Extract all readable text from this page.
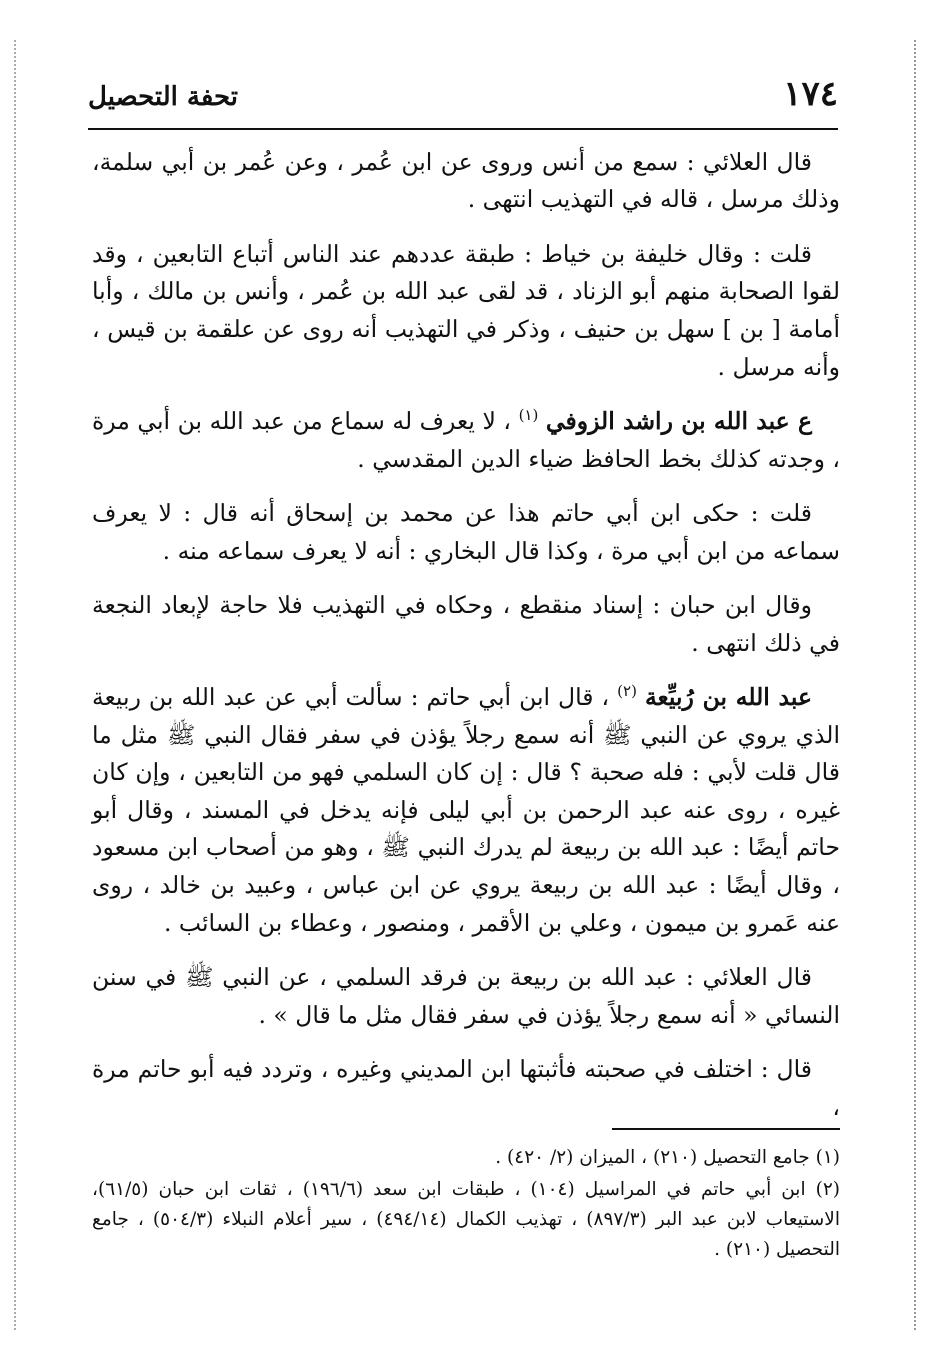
١٧٤
تحفة التحصيل

قال العلائي : سمع من أنس وروى عن ابن عُمر ، وعن عُمر بن أبي سلمة، وذلك مرسل ، قاله في التهذيب انتهى .

قلت : وقال خليفة بن خياط : طبقة عددهم عند الناس أتباع التابعين ، وقد لقوا الصحابة منهم أبو الزناد ، قد لقى عبد الله بن عُمر ، وأنس بن مالك ، وأبا أمامة [ بن ] سهل بن حنيف ، وذكر في التهذيب أنه روى عن علقمة بن قيس ، وأنه مرسل .

ع عبد الله بن راشد الزوفي $^{(١)}$ ، لا يعرف له سماع من عبد الله بن أبي مرة ، وجدته كذلك بخط الحافظ ضياء الدين المقدسي .

قلت : حكى ابن أبي حاتم هذا عن محمد بن إسحاق أنه قال : لا يعرف سماعه من ابن أبي مرة ، وكذا قال البخاري : أنه لا يعرف سماعه منه .

وقال ابن حبان : إسناد منقطع ، وحكاه في التهذيب فلا حاجة لإبعاد النجعة في ذلك انتهى .

عبد الله بن رُبيِّعة $^{(٢)}$ ، قال ابن أبي حاتم : سألت أبي عن عبد الله بن ربيعة الذي يروي عن النبي ﷺ أنه سمع رجلاً يؤذن في سفر فقال النبي ﷺ مثل ما قال قلت لأبي : فله صحبة ؟ قال : إن كان السلمي فهو من التابعين ، وإن كان غيره ، روى عنه عبد الرحمن بن أبي ليلى فإنه يدخل في المسند ، وقال أبو حاتم أيضًا : عبد الله بن ربيعة لم يدرك النبي ﷺ ، وهو من أصحاب ابن مسعود ، وقال أيضًا : عبد الله بن ربيعة يروي عن ابن عباس ، وعبيد بن خالد ، روى عنه عَمرو بن ميمون ، وعلي بن الأقمر ، ومنصور ، وعطاء بن السائب .

قال العلائي : عبد الله بن ربيعة بن فرقد السلمي ، عن النبي ﷺ في سنن النسائي « أنه سمع رجلاً يؤذن في سفر فقال مثل ما قال » .

قال : اختلف في صحبته فأثبتها ابن المديني وغيره ، وتردد فيه أبو حاتم مرة ،

(١) جامع التحصيل (٢١٠) ، الميزان (٢/ ٤٢٠) .

(٢) ابن أبي حاتم في المراسيل (١٠٤) ، طبقات ابن سعد (١٩٦/٦) ، ثقات ابن حبان (٦١/٥)، الاستيعاب لابن عبد البر (٨٩٧/٣) ، تهذيب الكمال (٤٩٤/١٤) ، سير أعلام النبلاء (٥٠٤/٣) ، جامع التحصيل (٢١٠) .
